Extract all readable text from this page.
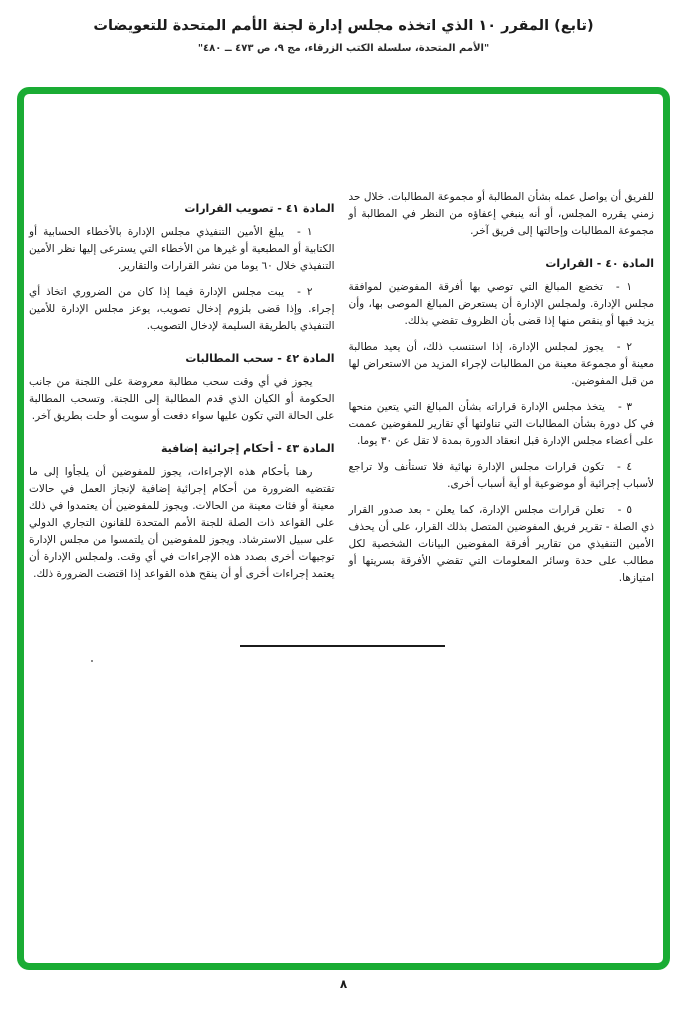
(تابع) المقرر ١٠ الذي اتخذه مجلس إدارة لجنة الأمم المتحدة للتعويضات
"الأمم المتحدة، سلسلة الكتب الزرقاء، مج ٩، ص ٤٧٣ ــ ٤٨٠"

للفريق أن يواصل عمله بشأن المطالبة أو مجموعة المطالبات. خلال حد زمني يقرره المجلس، أو أنه ينبغي إعفاؤه من النظر في المطالبة أو مجموعة المطالبات وإحالتها إلى فريق آخر.

المادة ٤٠ - القرارات

١ -تخضع المبالغ التي توصي بها أفرقة المفوضين لموافقة مجلس الإدارة. ولمجلس الإدارة أن يستعرض المبالغ الموصى بها، وأن يزيد فيها أو ينقص منها إذا قضى بأن الظروف تقضي بذلك.

٢ -يجوز لمجلس الإدارة، إذا استنسب ذلك، أن يعيد مطالبة معينة أو مجموعة معينة من المطالبات لإجراء المزيد من الاستعراض لها من قبل المفوضين.

٣ -يتخذ مجلس الإدارة قراراته بشأن المبالغ التي يتعين منحها في كل دورة بشأن المطالبات التي تناولتها أي تقارير للمفوضين عممت على أعضاء مجلس الإدارة قبل انعقاد الدورة بمدة لا تقل عن ٣٠ يوما.

٤ -تكون قرارات مجلس الإدارة نهائية فلا تستأنف ولا تراجع لأسباب إجرائية أو موضوعية أو أية أسباب أخرى.

٥ -تعلن قرارات مجلس الإدارة، كما يعلن - بعد صدور القرار ذي الصلة - تقرير فريق المفوضين المتصل بذلك القرار، على أن يحذف الأمين التنفيذي من تقارير أفرقة المفوضين البيانات الشخصية لكل مطالب على حدة وسائر المعلومات التي تقضي الأفرقة بسريتها أو امتيازها.

المادة ٤١ - تصويب القرارات

١ -يبلغ الأمين التنفيذي مجلس الإدارة بالأخطاء الحسابية أو الكتابية أو المطبعية أو غيرها من الأخطاء التي يسترعى إليها نظر الأمين التنفيذي خلال ٦٠ يوما من نشر القرارات والتقارير.

٢ -يبت مجلس الإدارة فيما إذا كان من الضروري اتخاذ أي إجراء. وإذا قضى بلزوم إدخال تصويب، يوعز مجلس الإدارة للأمين التنفيذي بالطريقة السليمة لإدخال التصويب.

المادة ٤٢ - سحب المطالبات

يجوز في أي وقت سحب مطالبة معروضة على اللجنة من جانب الحكومة أو الكيان الذي قدم المطالبة إلى اللجنة. وتسحب المطالبة على الحالة التي تكون عليها سواء دفعت أو سويت أو حلت بطريق آخر.

المادة ٤٣ - أحكام إجرائية إضافية

رهنا بأحكام هذه الإجراءات، يجوز للمفوضين أن يلجأوا إلى ما تقتضيه الضرورة من أحكام إجرائية إضافية لإنجاز العمل في حالات معينة أو فئات معينة من الحالات. ويجوز للمفوضين أن يعتمدوا في ذلك على القواعد ذات الصلة للجنة الأمم المتحدة للقانون التجاري الدولي على سبيل الاسترشاد. ويجوز للمفوضين أن يلتمسوا من مجلس الإدارة توجيهات أخرى بصدد هذه الإجراءات في أي وقت. ولمجلس الإدارة أن يعتمد إجراءات أخرى أو أن ينقح هذه القواعد إذا اقتضت الضرورة ذلك.

٨
